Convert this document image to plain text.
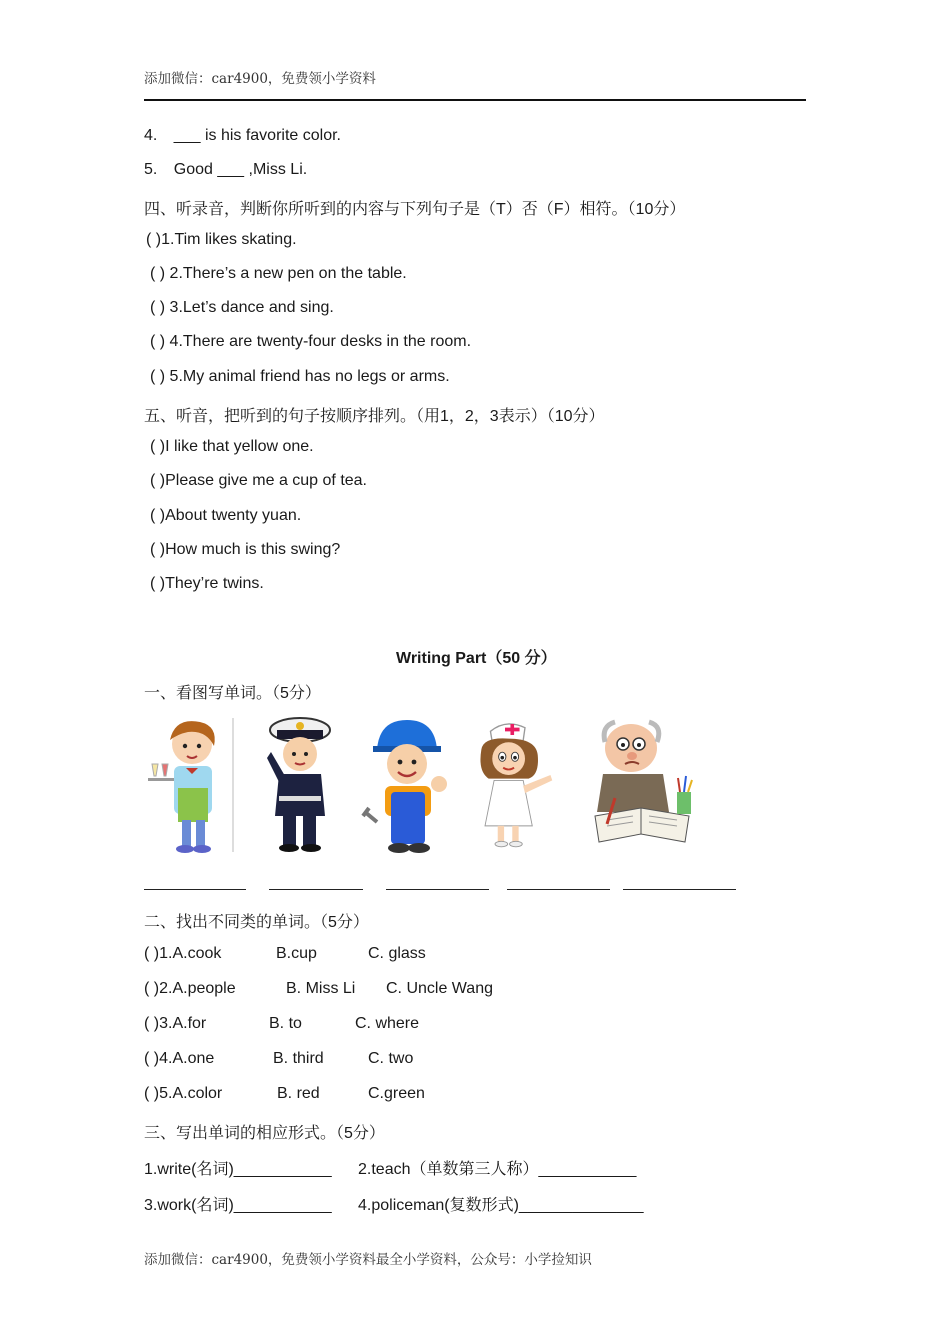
添加微信：car4900，免费领小学资料
4. ___ is his favorite color.
5. Good ___ ,Miss Li.
四、听录音，判断你所听到的内容与下列句子是（T）否（F）相符。（10分）
( )1.Tim likes skating.
( ) 2.There’s a new pen on the table.
( ) 3.Let’s dance and sing.
( ) 4.There are twenty-four desks in the room.
( ) 5.My animal friend has no legs or arms.
五、听音，把听到的句子按顺序排列。（用1，2，3表示）（10分）
( )I like that yellow one.
( )Please give me a cup of tea.
( )About twenty yuan.
( )How much is this swing?
( )They’re twins.
Writing Part（50 分）
一、看图写单词。（5分）
二、找出不同类的单词。（5分）
( )1.A.cook	B.cup	C. glass
( )2.A.people	B. Miss Li C. Uncle Wang
( )3.A.for	B. to	C. where
( )4.A.one	B. third	C. two
( )5.A.color	B. red	C.green
三、写出单词的相应形式。（5分）
1.write(名词)___________ 2.teach（单数第三人称）___________
3.work(名词)___________ 4.policeman(复数形式)______________
添加微信：car4900，免费领小学资料最全小学资料，公众号：小学捡知识
